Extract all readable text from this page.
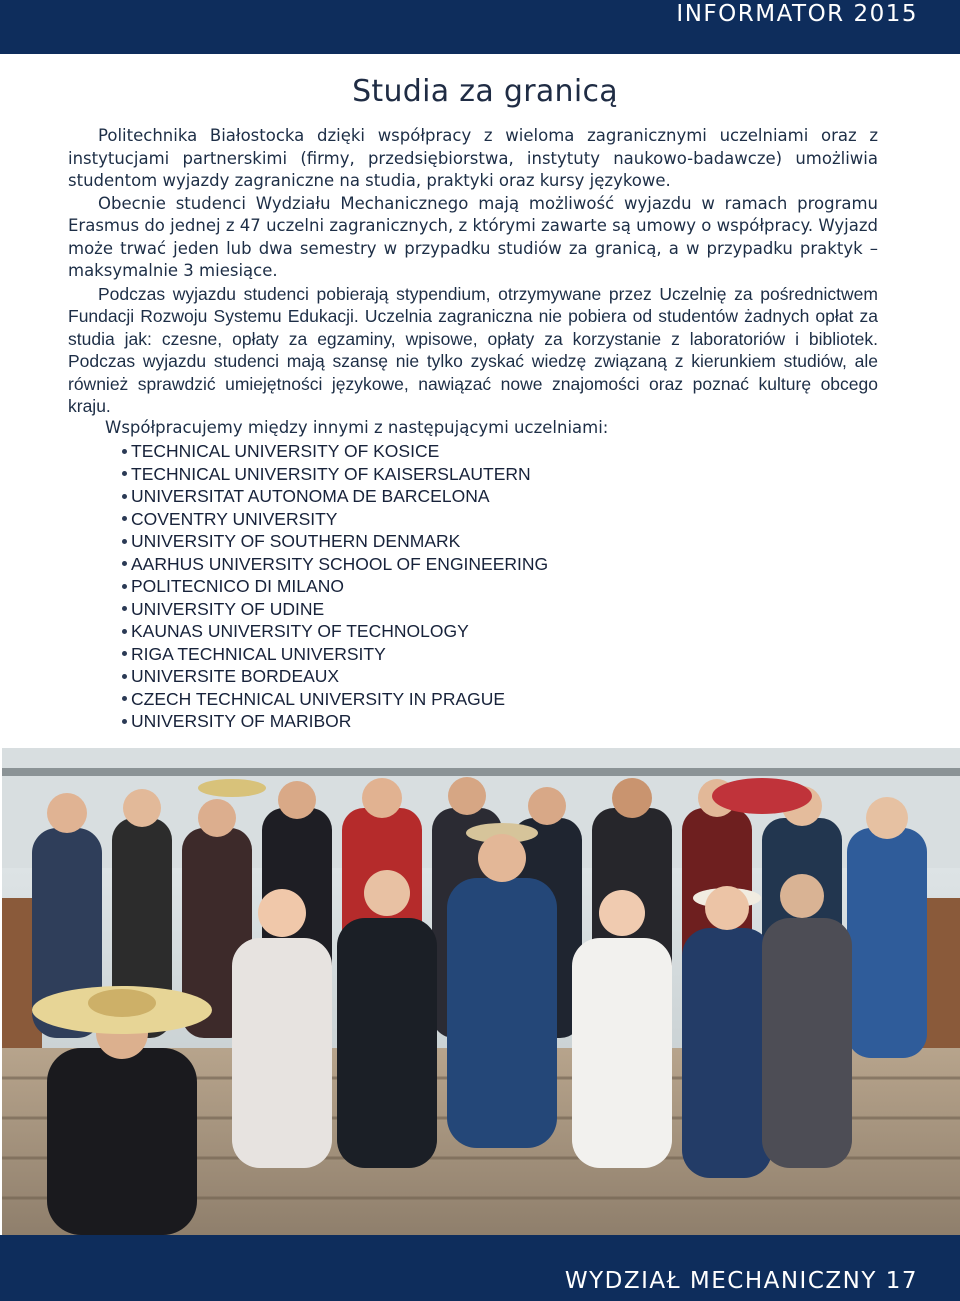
INFORMATOR 2015
Studia za granicą

Politechnika Białostocka dzięki współpracy z wieloma zagranicznymi uczelniami oraz z instytucjami partnerskimi (firmy, przedsiębiorstwa, instytuty naukowo-badawcze) umożliwia studentom wyjazdy zagraniczne na studia, praktyki oraz kursy językowe.

Obecnie studenci Wydziału Mechanicznego mają możliwość wyjazdu w ramach programu Erasmus do jednej z 47 uczelni zagranicznych, z którymi zawarte są umowy o współpracy. Wyjazd może trwać jeden lub dwa semestry w przypadku studiów za granicą, a w przypadku praktyk – maksymalnie 3 miesiące.

Podczas wyjazdu studenci pobierają stypendium, otrzymywane przez Uczelnię za pośrednictwem Fundacji Rozwoju Systemu Edukacji. Uczelnia zagraniczna nie pobiera od studentów żadnych opłat za studia jak: czesne, opłaty za egzaminy, wpisowe, opłaty za korzystanie z laboratoriów i bibliotek. Podczas wyjazdu studenci mają szansę nie tylko zyskać wiedzę związaną z kierunkiem studiów, ale również sprawdzić umiejętności językowe, nawiązać nowe znajomości oraz poznać kulturę obcego kraju.

Współpracujemy między innymi z następującymi uczelniami:
TECHNICAL UNIVERSITY OF KOSICE
TECHNICAL UNIVERSITY OF KAISERSLAUTERN
UNIVERSITAT AUTONOMA DE BARCELONA
COVENTRY UNIVERSITY
UNIVERSITY OF SOUTHERN DENMARK
AARHUS UNIVERSITY SCHOOL OF ENGINEERING
POLITECNICO DI MILANO
UNIVERSITY OF UDINE
KAUNAS UNIVERSITY OF TECHNOLOGY
RIGA TECHNICAL UNIVERSITY
UNIVERSITE BORDEAUX
CZECH TECHNICAL UNIVERSITY IN PRAGUE
UNIVERSITY OF MARIBOR
WYDZIAŁ MECHANICZNY 17
